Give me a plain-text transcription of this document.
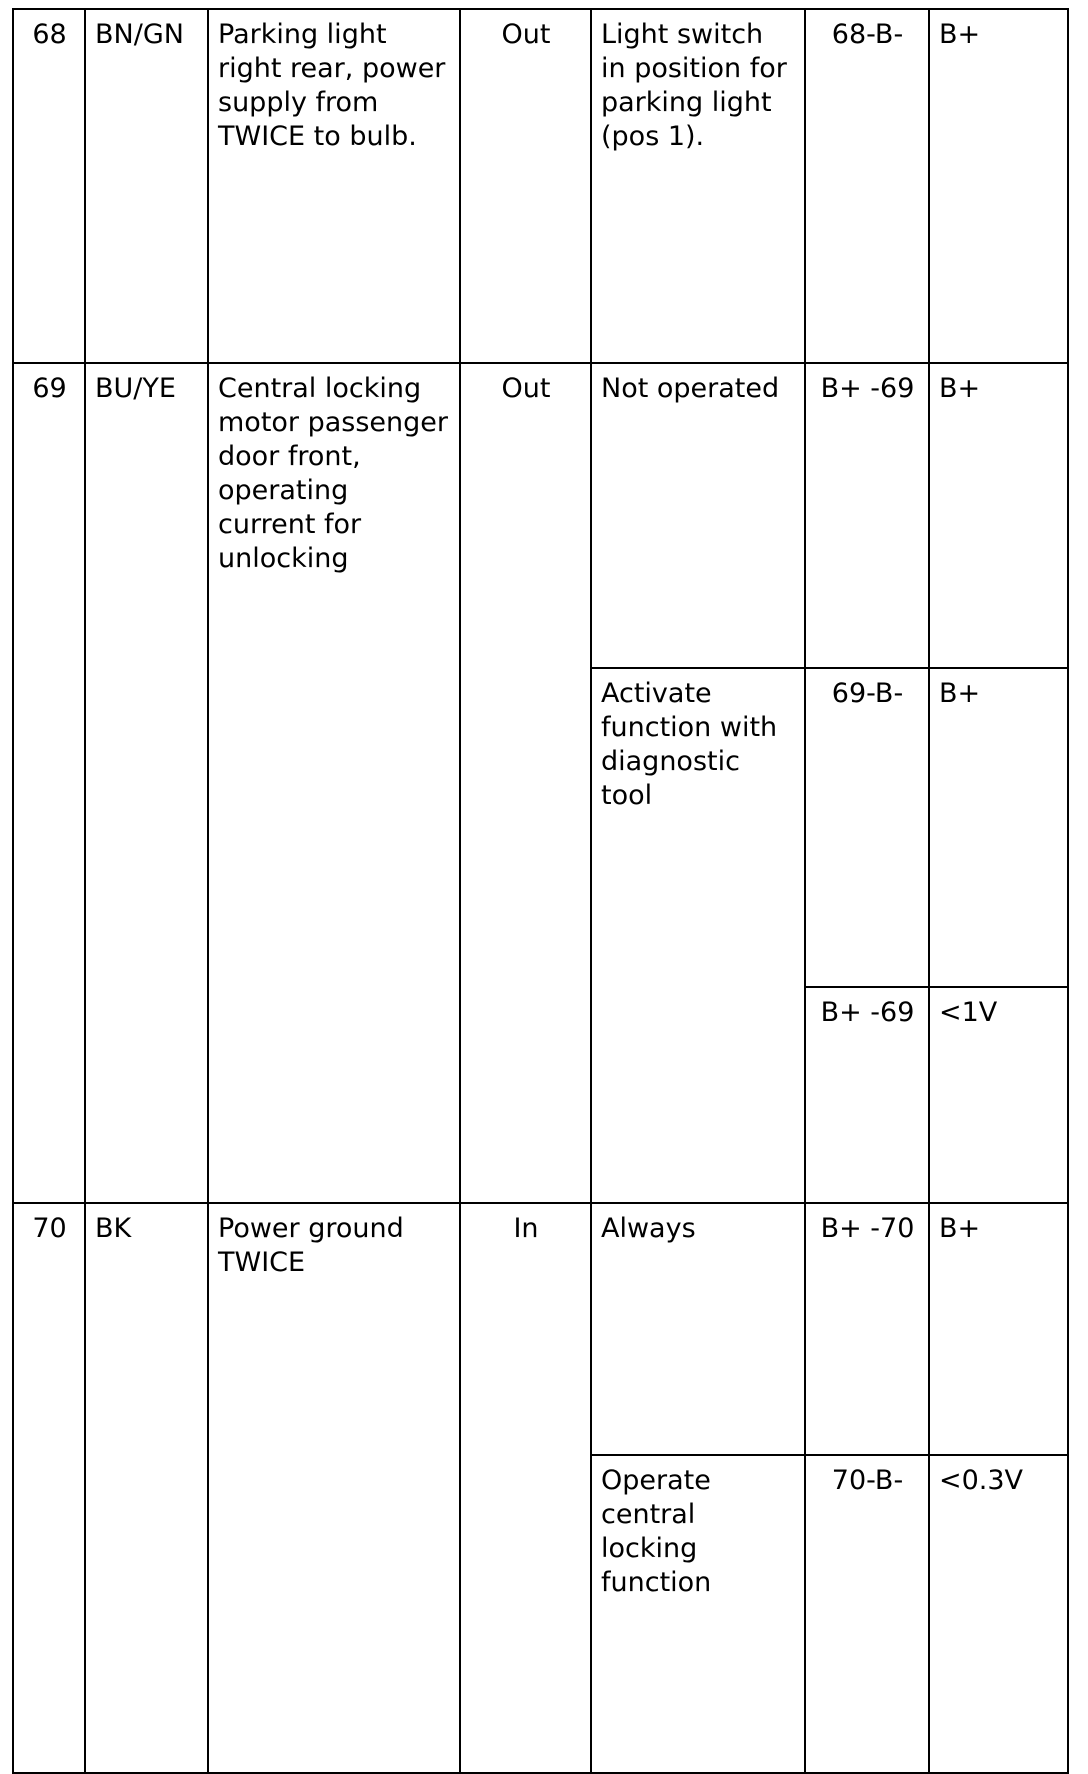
68	BN/GN	Parking light right rear, power supply from TWICE to bulb.	Out	Light switch in position for parking light (pos 1).	68-B-	B+
69	BU/YE	Central locking motor passenger door front, operating current for unlocking	Out	Not operated	B+ -69	B+
				Activate function with diagnostic tool	69-B-	B+
					B+ -69	<1V
70	BK	Power ground TWICE	In	Always	B+ -70	B+
				Operate central locking function	70-B-	<0.3V
